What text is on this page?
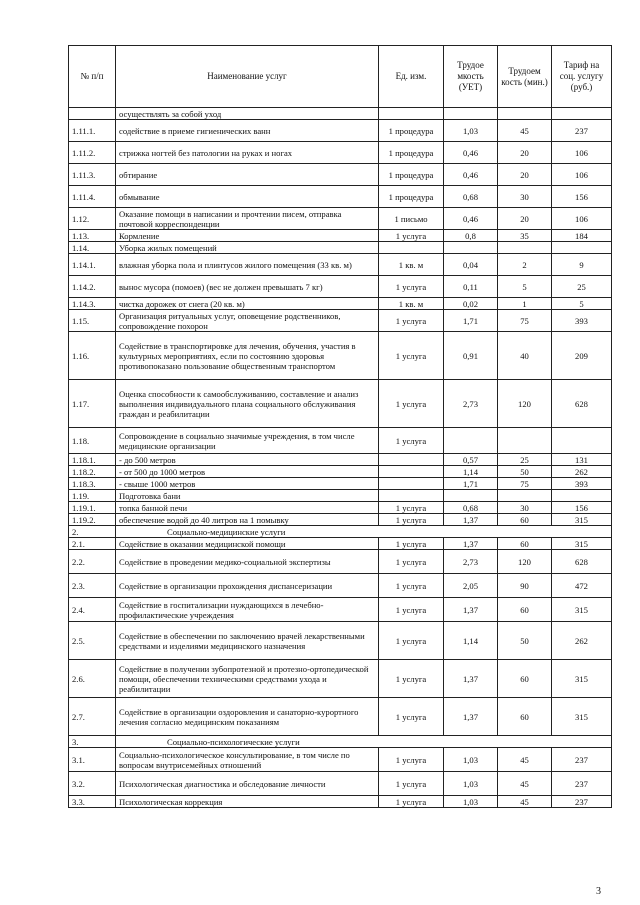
№ п/п	Наименование услуг	Ед. изм.	Трудое мкость (УЕТ)	Трудоем кость (мин.)	Тариф на соц. услугу (руб.)
	осуществлять за собой уход				
1.11.1.	содействие в приеме гигиенических ванн	1 процедура	1,03	45	237
1.11.2.	стрижка ногтей без патологии на руках и ногах	1 процедура	0,46	20	106
1.11.3.	обтирание	1 процедура	0,46	20	106
1.11.4.	обмывание	1 процедура	0,68	30	156
1.12.	Оказание помощи в написании и прочтении писем, отправка почтовой корреспонденции	1 письмо	0,46	20	106
1.13.	Кормление	1 услуга	0,8	35	184
1.14.	Уборка жилых помещений				
1.14.1.	влажная уборка пола и плинтусов жилого помещения (33 кв. м)	1 кв. м	0,04	2	9
1.14.2.	вынос мусора (помоев) (вес не должен превышать 7 кг)	1 услуга	0,11	5	25
1.14.3.	чистка дорожек от снега (20 кв. м)	1 кв. м	0,02	1	5
1.15.	Организация ритуальных услуг, оповещение родственников, сопровождение похорон	1 услуга	1,71	75	393
1.16.	Содействие в транспортировке для лечения, обучения, участия в культурных мероприятиях, если по состоянию здоровья противопоказано пользование общественным транспортом	1 услуга	0,91	40	209
1.17.	Оценка способности к самообслуживанию, составление и анализ выполнения индивидуального плана социального обслуживания граждан и реабилитации	1 услуга	2,73	120	628
1.18.	Сопровождение в социально значимые учреждения, в том числе медицинские организации	1 услуга			
1.18.1.	- до 500 метров		0,57	25	131
1.18.2.	- от 500 до 1000 метров		1,14	50	262
1.18.3.	- свыше 1000 метров		1,71	75	393
1.19.	Подготовка бани				
1.19.1.	топка банной печи	1 услуга	0,68	30	156
1.19.2.	обеспечение водой до 40 литров на 1 помывку	1 услуга	1,37	60	315
2.	Социально-медицинские услуги				
2.1.	Содействие в оказании медицинской помощи	1 услуга	1,37	60	315
2.2.	Содействие в проведении медико-социальной экспертизы	1 услуга	2,73	120	628
2.3.	Содействие в организации прохождения диспансеризации	1 услуга	2,05	90	472
2.4.	Содействие в госпитализации нуждающихся в лечебно-профилактические учреждения	1 услуга	1,37	60	315
2.5.	Содействие в обеспечении по заключению врачей лекарственными средствами и изделиями медицинского назначения	1 услуга	1,14	50	262
2.6.	Содействие в получении зубопротезной и протезно-ортопедической помощи, обеспечении техническими средствами ухода и реабилитации	1 услуга	1,37	60	315
2.7.	Содействие в организации оздоровления и санаторно-курортного лечения согласно медицинским показаниям	1 услуга	1,37	60	315
3.	Социально-психологические услуги				
3.1.	Социально-психологическое консультирование, в том числе по вопросам внутрисемейных отношений	1 услуга	1,03	45	237
3.2.	Психологическая диагностика и обследование личности	1 услуга	1,03	45	237
3.3.	Психологическая коррекция	1 услуга	1,03	45	237
3
